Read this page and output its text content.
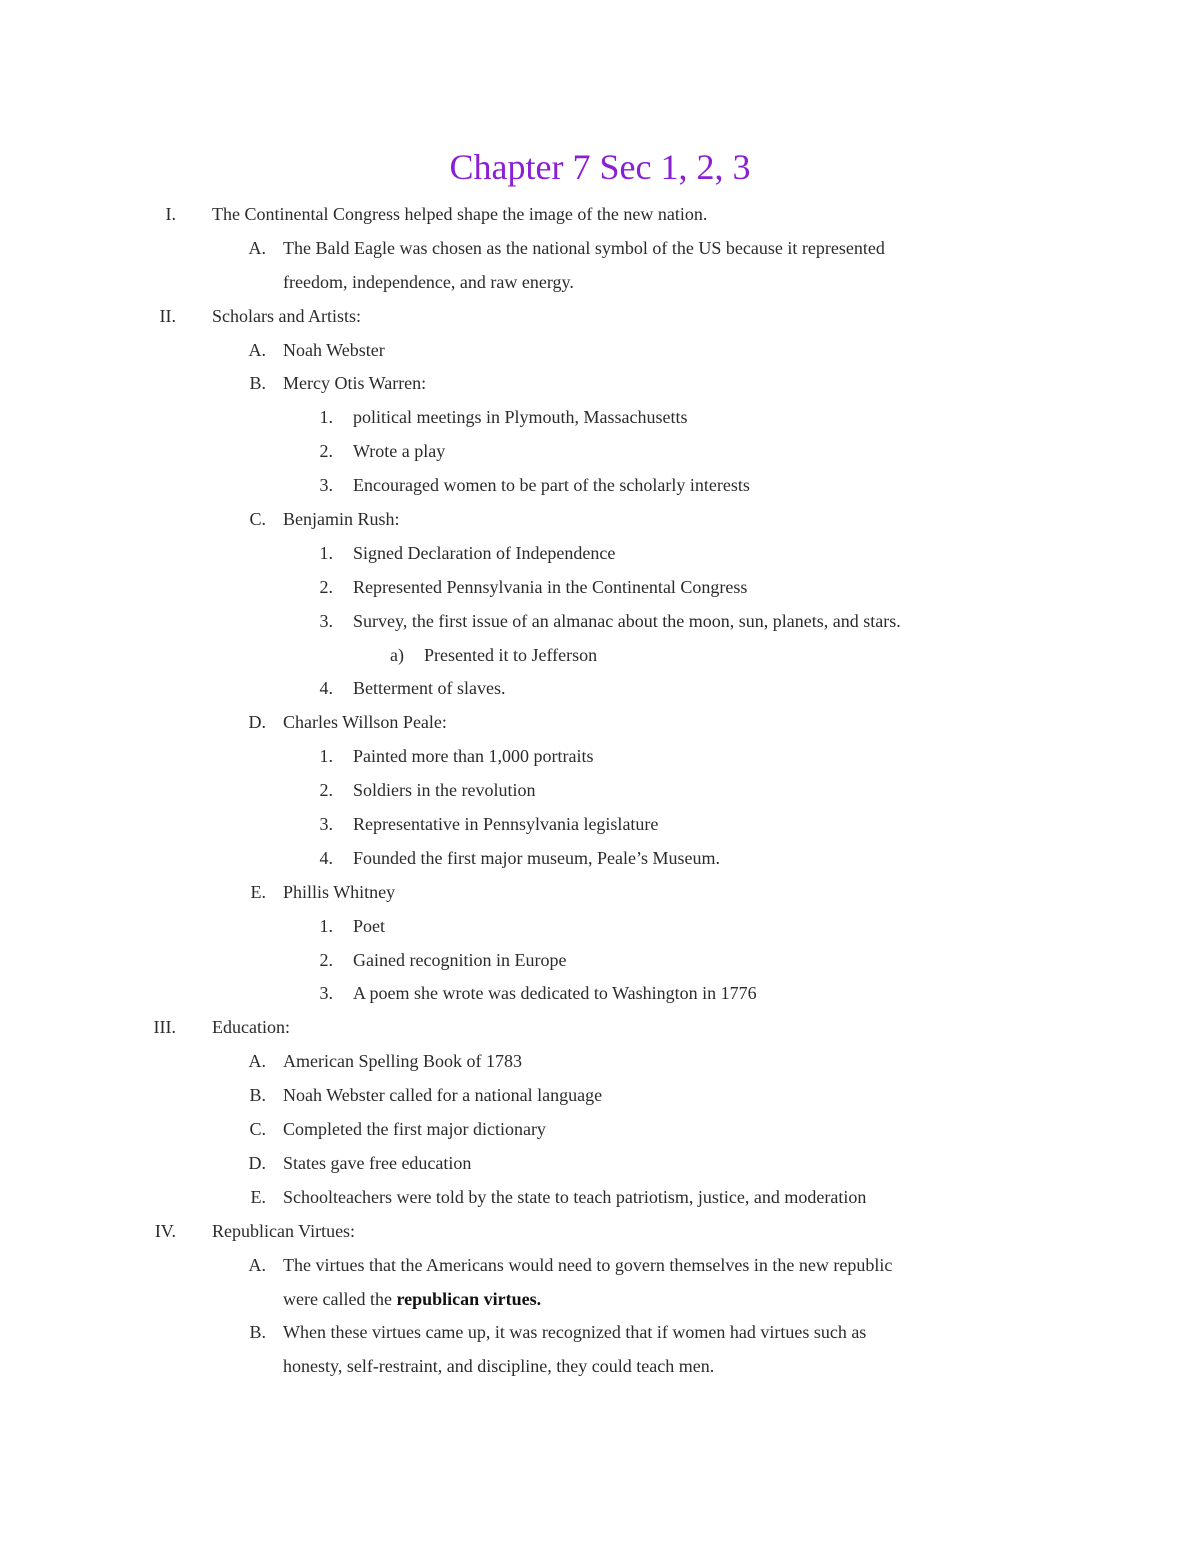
Chapter 7 Sec 1, 2, 3
I. The Continental Congress helped shape the image of the new nation.
A. The Bald Eagle was chosen as the national symbol of the US because it represented
freedom, independence, and raw energy.
II. Scholars and Artists:
A. Noah Webster
B. Mercy Otis Warren:
1. political meetings in Plymouth, Massachusetts
2. Wrote a play
3. Encouraged women to be part of the scholarly interests
C. Benjamin Rush:
1. Signed Declaration of Independence
2. Represented Pennsylvania in the Continental Congress
3. Survey, the first issue of an almanac about the moon, sun, planets, and stars.
a) Presented it to Jefferson
4. Betterment of slaves.
D. Charles Willson Peale:
1. Painted more than 1,000 portraits
2. Soldiers in the revolution
3. Representative in Pennsylvania legislature
4. Founded the first major museum, Peale’s Museum.
E. Phillis Whitney
1. Poet
2. Gained recognition in Europe
3. A poem she wrote was dedicated to Washington in 1776
III. Education:
A. American Spelling Book of 1783
B. Noah Webster called for a national language
C. Completed the first major dictionary
D. States gave free education
E. Schoolteachers were told by the state to teach patriotism, justice, and moderation
IV. Republican Virtues:
A. The virtues that the Americans would need to govern themselves in the new republic
were called the republican virtues.
B. When these virtues came up, it was recognized that if women had virtues such as
honesty, self-restraint, and discipline, they could teach men.
